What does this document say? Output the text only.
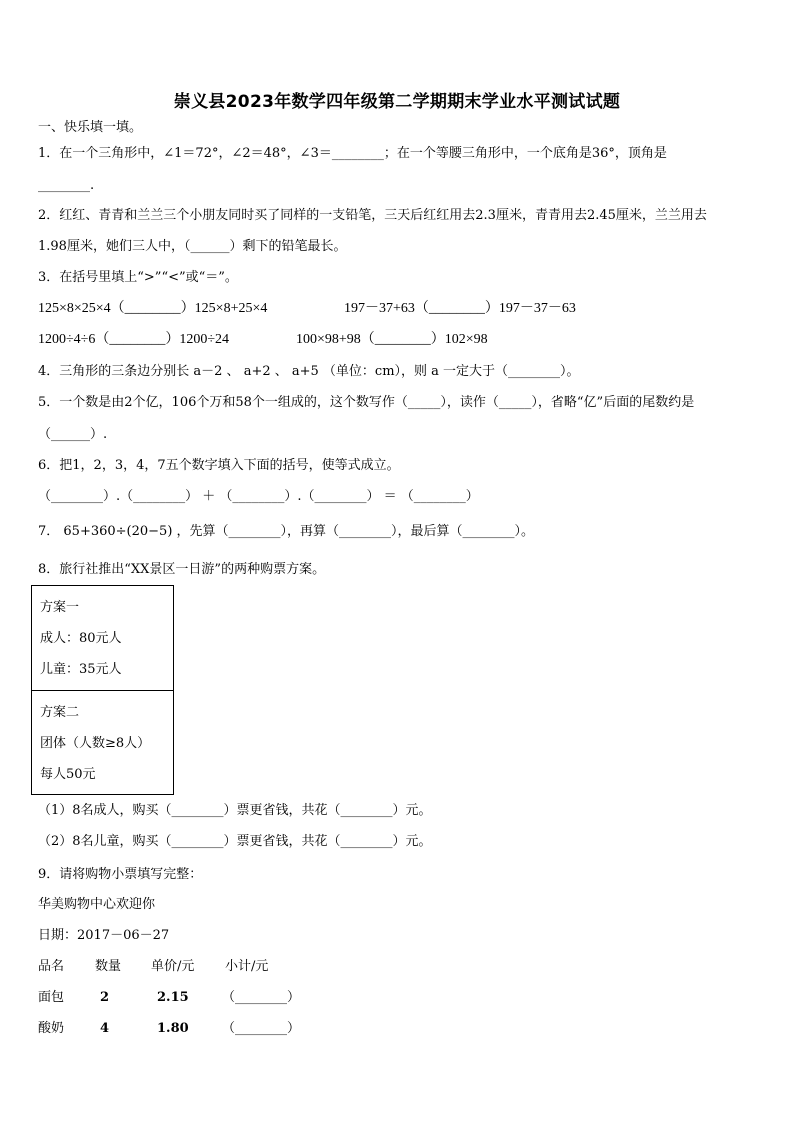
崇义县2023年数学四年级第二学期期末学业水平测试试题
一、快乐填一填。
1．在一个三角形中，∠1＝72°，∠2＝48°，∠3＝________；在一个等腰三角形中，一个底角是36°，顶角是
________.
2．红红、青青和兰兰三个小朋友同时买了同样的一支铅笔，三天后红红用去2.3厘米，青青用去2.45厘米，兰兰用去
1.98厘米，她们三人中，（______）剩下的铅笔最长。
3．在括号里填上“>”“<”或“＝”。
125×8×25×4（________）125×8+25×4	197－37+63（________）197－37－63
1200÷4÷6（________）1200÷24	100×98+98（________）102×98
4．三角形的三条边分别长 a－2 、 a+2 、 a+5 （单位：cm），则 a 一定大于（________）。
5．一个数是由2个亿，106个万和58个一组成的，这个数写作（_____），读作（_____），省略“亿”后面的尾数约是
（______）.
6．把1，2，3，4，7五个数字填入下面的括号，使等式成立。
（________）.（________） ＋ （________）.（________） ＝ （________）
7． 65+360÷(20−5) ，先算（________），再算（________），最后算（________）。
8．旅行社推出“XX景区一日游”的两种购票方案。
方案一
成人：80元人
儿童：35元人
方案二
团体（人数≥8人）
每人50元
（1）8名成人，购买（________）票更省钱，共花（________）元。
（2）8名儿童，购买（________）票更省钱，共花（________）元。
9．请将购物小票填写完整：
华美购物中心欢迎你
日期：2017－06－27
品名 数量 单价/元 小计/元
面包	2	2.15	（________）
酸奶	4	1.80	（________）
